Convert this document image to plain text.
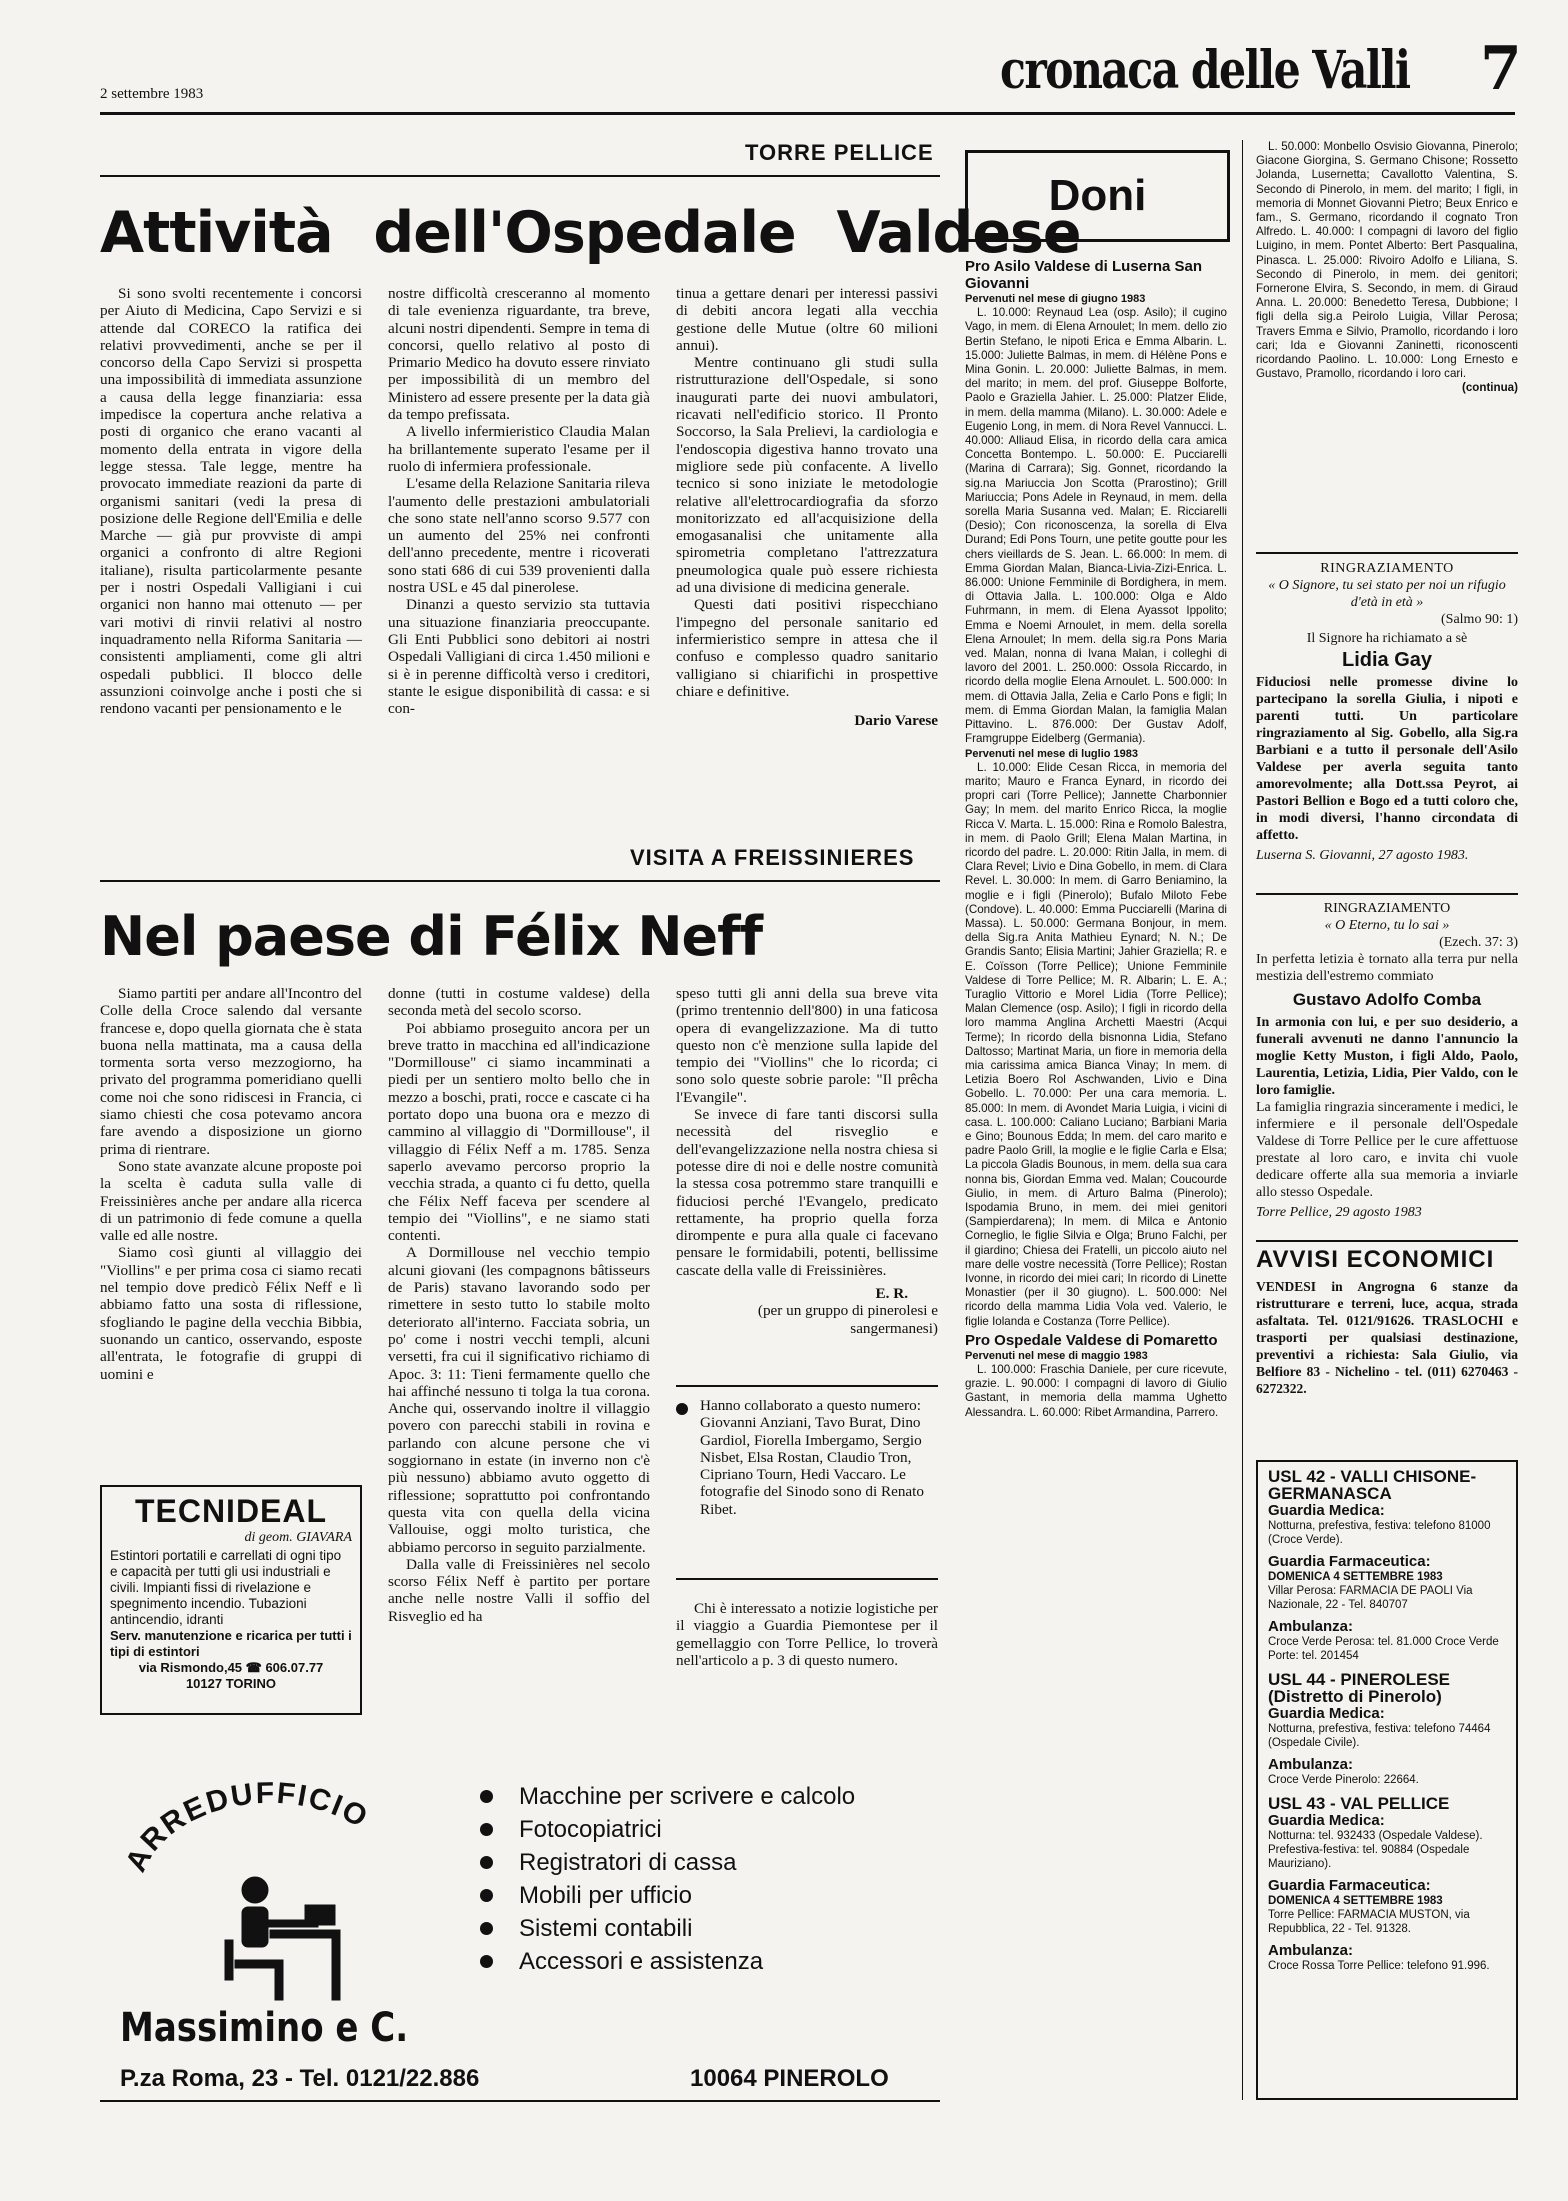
2 settembre 1983	cronaca delle Valli 7
TORRE PELLICE
Attività dell'Ospedale Valdese

Si sono svolti recentemente i concorsi per Aiuto di Medicina, Capo Servizi e si attende dal CORECO la ratifica dei relativi provvedimenti, anche se per il concorso della Capo Servizi si prospetta una impossibilità di immediata assunzione a causa della legge finanziaria: essa impedisce la copertura anche relativa a posti di organico che erano vacanti al momento della entrata in vigore della legge stessa. Tale legge, mentre ha provocato immediate reazioni da parte di organismi sanitari (vedi la presa di posizione delle Regione dell'Emilia e delle Marche — già pur provviste di ampi organici a confronto di altre Regioni italiane), risulta particolarmente pesante per i nostri Ospedali Valligiani i cui organici non hanno mai ottenuto — per vari motivi di rinvii relativi al nostro inquadramento nella Riforma Sanitaria — consistenti ampliamenti, come gli altri ospedali pubblici. Il blocco delle assunzioni coinvolge anche i posti che si rendono vacanti per pensionamento e le

nostre difficoltà cresceranno al momento di tale evenienza riguardante, tra breve, alcuni nostri dipendenti. Sempre in tema di concorsi, quello relativo al posto di Primario Medico ha dovuto essere rinviato per impossibilità di un membro del Ministero ad essere presente per la data già da tempo prefissata.

A livello infermieristico Claudia Malan ha brillantemente superato l'esame per il ruolo di infermiera professionale.

L'esame della Relazione Sanitaria rileva l'aumento delle prestazioni ambulatoriali che sono state nell'anno scorso 9.577 con un aumento del 25% nei confronti dell'anno precedente, mentre i ricoverati sono stati 686 di cui 539 provenienti dalla nostra USL e 45 dal pinerolese.

Dinanzi a questo servizio sta tuttavia una situazione finanziaria preoccupante. Gli Enti Pubblici sono debitori ai nostri Ospedali Valligiani di circa 1.450 milioni e si è in perenne difficoltà verso i creditori, stante le esigue disponibilità di cassa: e si con-

tinua a gettare denari per interessi passivi di debiti ancora legati alla vecchia gestione delle Mutue (oltre 60 milioni annui).

Mentre continuano gli studi sulla ristrutturazione dell'Ospedale, si sono inaugurati parte dei nuovi ambulatori, ricavati nell'edificio storico. Il Pronto Soccorso, la Sala Prelievi, la cardiologia e l'endoscopia digestiva hanno trovato una migliore sede più confacente. A livello tecnico si sono iniziate le metodologie relative all'elettrocardiografia da sforzo monitorizzato ed all'acquisizione della emogasanalisi che unitamente alla spirometria completano l'attrezzatura pneumologica quale può essere richiesta ad una divisione di medicina generale.

Questi dati positivi rispecchiano l'impegno del personale sanitario ed infermieristico sempre in attesa che il confuso e complesso quadro sanitario valligiano si chiarifichi in prospettive chiare e definitive.

Dario Varese

VISITA A FREISSINIERES
Nel paese di Félix Neff

Siamo partiti per andare all'Incontro del Colle della Croce salendo dal versante francese e, dopo quella giornata che è stata buona nella mattinata, ma a causa della tormenta sorta verso mezzogiorno, ha privato del programma pomeridiano quelli come noi che sono ridiscesi in Francia, ci siamo chiesti che cosa potevamo ancora fare avendo a disposizione un giorno prima di rientrare.

Sono state avanzate alcune proposte poi la scelta è caduta sulla valle di Freissinières anche per andare alla ricerca di un patrimonio di fede comune a quella valle ed alle nostre.

Siamo così giunti al villaggio dei "Viollins" e per prima cosa ci siamo recati nel tempio dove predicò Félix Neff e lì abbiamo fatto una sosta di riflessione, sfogliando le pagine della vecchia Bibbia, suonando un cantico, osservando, esposte all'entrata, le fotografie di gruppi di uomini e

donne (tutti in costume valdese) della seconda metà del secolo scorso.

Poi abbiamo proseguito ancora per un breve tratto in macchina ed all'indicazione "Dormillouse" ci siamo incamminati a piedi per un sentiero molto bello che in mezzo a boschi, prati, rocce e cascate ci ha portato dopo una buona ora e mezzo di cammino al villaggio di "Dormillouse", il villaggio di Félix Neff a m. 1785. Senza saperlo avevamo percorso proprio la vecchia strada, a quanto ci fu detto, quella che Félix Neff faceva per scendere al tempio dei "Viollins", e ne siamo stati contenti.

A Dormillouse nel vecchio tempio alcuni giovani (les compagnons bâtisseurs de Paris) stavano lavorando sodo per rimettere in sesto tutto lo stabile molto deteriorato all'interno. Facciata sobria, un po' come i nostri vecchi templi, alcuni versetti, fra cui il significativo richiamo di Apoc. 3: 11: Tieni fermamente quello che hai affinché nessuno ti tolga la tua corona. Anche qui, osservando inoltre il villaggio povero con parecchi stabili in rovina e parlando con alcune persone che vi soggiornano in estate (in inverno non c'è più nessuno) abbiamo avuto oggetto di riflessione; soprattutto poi confrontando questa vita con quella della vicina Vallouise, oggi molto turistica, che abbiamo percorso in seguito parzialmente.

Dalla valle di Freissinières nel secolo scorso Félix Neff è partito per portare anche nelle nostre Valli il soffio del Risveglio ed ha

speso tutti gli anni della sua breve vita (primo trentennio dell'800) in una faticosa opera di evangelizzazione. Ma di tutto questo non c'è menzione sulla lapide del tempio dei "Viollins" che lo ricorda; ci sono solo queste sobrie parole: "Il prêcha l'Evangile".

Se invece di fare tanti discorsi sulla necessità del risveglio e dell'evangelizzazione nella nostra chiesa si potesse dire di noi e delle nostre comunità la stessa cosa potremmo stare tranquilli e fiduciosi perché l'Evangelo, predicato rettamente, ha proprio quella forza dirompente e pura alla quale ci facevano pensare le formidabili, potenti, bellissime cascate della valle di Freissinières.

E. R.

(per un gruppo di pinerolesi e sangermanesi)

Hanno collaborato a questo numero: Giovanni Anziani, Tavo Burat, Dino Gardiol, Fiorella Imbergamo, Sergio Nisbet, Elsa Rostan, Claudio Tron, Cipriano Tourn, Hedi Vaccaro. Le fotografie del Sinodo sono di Renato Ribet.

Chi è interessato a notizie logistiche per il viaggio a Guardia Piemontese per il gemellaggio con Torre Pellice, lo troverà nell'articolo a p. 3 di questo numero.

TECNIDEAL
di geom. GIAVARA
Estintori portatili e carrellati di ogni tipo e capacità per tutti gli usi industriali e civili. Impianti fissi di rivelazione e spegnimento incendio. Tubazioni antincendio, idranti
Serv. manutenzione e ricarica per tutti i tipi di estintori
via Rismondo,45 ☎ 606.07.77
10127 TORINO
ARREDUFFICIO
Massimino e C.
P.za Roma, 23 - Tel. 0121/22.886	10064 PINEROLO
Macchine per scrivere e calcolo
Fotocopiatrici
Registratori di cassa
Mobili per ufficio
Sistemi contabili
Accessori e assistenza
Doni
Pro Asilo Valdese di Luserna San Giovanni
Pervenuti nel mese di giugno 1983

L. 10.000: Reynaud Lea (osp. Asilo); il cugino Vago, in mem. di Elena Arnoulet; In mem. dello zio Bertin Stefano, le nipoti Erica e Emma Albarin. L. 15.000: Juliette Balmas, in mem. di Hélène Pons e Mina Gonin. L. 20.000: Juliette Balmas, in mem. del marito; in mem. del prof. Giuseppe Bolforte, Paolo e Graziella Jahier. L. 25.000: Platzer Elide, in mem. della mamma (Milano). L. 30.000: Adele e Eugenio Long, in mem. di Nora Revel Vannucci. L. 40.000: Alliaud Elisa, in ricordo della cara amica Concetta Bontempo. L. 50.000: E. Pucciarelli (Marina di Carrara); Sig. Gonnet, ricordando la sig.na Mariuccia Jon Scotta (Prarostino); Grill Mariuccia; Pons Adele in Reynaud, in mem. della sorella Maria Susanna ved. Malan; E. Ricciarelli (Desio); Con riconoscenza, la sorella di Elva Durand; Edi Pons Tourn, une petite goutte pour les chers vieillards de S. Jean. L. 66.000: In mem. di Emma Giordan Malan, Bianca-Livia-Zizi-Enrica. L. 86.000: Unione Femminile di Bordighera, in mem. di Ottavia Jalla. L. 100.000: Olga e Aldo Fuhrmann, in mem. di Elena Ayassot Ippolito; Emma e Noemi Arnoulet, in mem. della sorella Elena Arnoulet; In mem. della sig.ra Pons Maria ved. Malan, nonna di Ivana Malan, i colleghi di lavoro del 2001. L. 250.000: Ossola Riccardo, in ricordo della moglie Elena Arnoulet. L. 500.000: In mem. di Ottavia Jalla, Zelia e Carlo Pons e figli; In mem. di Emma Giordan Malan, la famiglia Malan Pittavino. L. 876.000: Der Gustav Adolf, Framgruppe Eidelberg (Germania).

Pervenuti nel mese di luglio 1983

L. 10.000: Elide Cesan Ricca, in memoria del marito; Mauro e Franca Eynard, in ricordo dei propri cari (Torre Pellice); Jannette Charbonnier Gay; In mem. del marito Enrico Ricca, la moglie Ricca V. Marta. L. 15.000: Rina e Romolo Balestra, in mem. di Paolo Grill; Elena Malan Martina, in ricordo del padre. L. 20.000: Ritin Jalla, in mem. di Clara Revel; Livio e Dina Gobello, in mem. di Clara Revel. L. 30.000: In mem. di Garro Beniamino, la moglie e i figli (Pinerolo); Bufalo Miloto Febe (Condove). L. 40.000: Emma Pucciarelli (Marina di Massa). L. 50.000: Germana Bonjour, in mem. della Sig.ra Anita Mathieu Eynard; N. N.; De Grandis Santo; Elisia Martini; Jahier Graziella; R. e E. Coïsson (Torre Pellice); Unione Femminile Valdese di Torre Pellice; M. R. Albarin; L. E. A.; Turaglio Vittorio e Morel Lidia (Torre Pellice); Malan Clemence (osp. Asilo); I figli in ricordo della loro mamma Anglina Archetti Maestri (Acqui Terme); In ricordo della bisnonna Lidia, Stefano Daltosso; Martinat Maria, un fiore in memoria della mia carissima amica Bianca Vinay; In mem. di Letizia Boero Rol Aschwanden, Livio e Dina Gobello. L. 70.000: Per una cara memoria. L. 85.000: In mem. di Avondet Maria Luigia, i vicini di casa. L. 100.000: Caliano Luciano; Barbiani Maria e Gino; Bounous Edda; In mem. del caro marito e padre Paolo Grill, la moglie e le figlie Carla e Elsa; La piccola Gladis Bounous, in mem. della sua cara nonna bis, Giordan Emma ved. Malan; Coucourde Giulio, in mem. di Arturo Balma (Pinerolo); Ispodamia Bruno, in mem. dei miei genitori (Sampierdarena); In mem. di Milca e Antonio Corneglio, le figlie Silvia e Olga; Bruno Falchi, per il giardino; Chiesa dei Fratelli, un piccolo aiuto nel mare delle vostre necessità (Torre Pellice); Rostan Ivonne, in ricordo dei miei cari; In ricordo di Linette Monastier (per il 30 giugno). L. 500.000: Nel ricordo della mamma Lidia Vola ved. Valerio, le figlie Iolanda e Costanza (Torre Pellice).

Pro Ospedale Valdese di Pomaretto
Pervenuti nel mese di maggio 1983

L. 100.000: Fraschia Daniele, per cure ricevute, grazie. L. 90.000: I compagni di lavoro di Giulio Gastant, in memoria della mamma Ughetto Alessandra. L. 60.000: Ribet Armandina, Parrero.

L. 50.000: Monbello Osvisio Giovanna, Pinerolo; Giacone Giorgina, S. Germano Chisone; Rossetto Jolanda, Lusernetta; Cavallotto Valentina, S. Secondo di Pinerolo, in mem. del marito; I figli, in memoria di Monnet Giovanni Pietro; Beux Enrico e fam., S. Germano, ricordando il cognato Tron Alfredo. L. 40.000: I compagni di lavoro del figlio Luigino, in mem. Pontet Alberto: Bert Pasqualina, Pinasca. L. 25.000: Rivoiro Adolfo e Liliana, S. Secondo di Pinerolo, in mem. dei genitori; Fornerone Elvira, S. Secondo, in mem. di Giraud Anna. L. 20.000: Benedetto Teresa, Dubbione; I figli della sig.a Peirolo Luigia, Villar Perosa; Travers Emma e Silvio, Pramollo, ricordando i loro cari; Ida e Giovanni Zaninetti, riconoscenti ricordando Paolino. L. 10.000: Long Ernesto e Gustavo, Pramollo, ricordando i loro cari.

(continua)
RINGRAZIAMENTO
« O Signore, tu sei stato per noi un rifugio d'età in età »
(Salmo 90: 1)
Il Signore ha richiamato a sè
Lidia Gay
Fiduciosi nelle promesse divine lo partecipano la sorella Giulia, i nipoti e parenti tutti. Un particolare ringraziamento al Sig. Gobello, alla Sig.ra Barbiani e a tutto il personale dell'Asilo Valdese per averla seguita tanto amorevolmente; alla Dott.ssa Peyrot, ai Pastori Bellion e Bogo ed a tutti coloro che, in modi diversi, l'hanno circondata di affetto.
Luserna S. Giovanni, 27 agosto 1983.
RINGRAZIAMENTO
« O Eterno, tu lo sai »
(Ezech. 37: 3)
In perfetta letizia è tornato alla terra pur nella mestizia dell'estremo commiato
Gustavo Adolfo Comba
In armonia con lui, e per suo desiderio, a funerali avvenuti ne danno l'annuncio la moglie Ketty Muston, i figli Aldo, Paolo, Laurentia, Letizia, Lidia, Pier Valdo, con le loro famiglie.
La famiglia ringrazia sinceramente i medici, le infermiere e il personale dell'Ospedale Valdese di Torre Pellice per le cure affettuose prestate al loro caro, e invita chi vuole dedicare offerte alla sua memoria a inviarle allo stesso Ospedale.
Torre Pellice, 29 agosto 1983
AVVISI ECONOMICI
VENDESI in Angrogna 6 stanze da ristrutturare e terreni, luce, acqua, strada asfaltata. Tel. 0121/91626. TRASLOCHI e trasporti per qualsiasi destinazione, preventivi a richiesta: Sala Giulio, via Belfiore 83 - Nichelino - tel. (011) 6270463 - 6272322.
USL 42 - VALLI CHISONE-GERMANASCA
Guardia Medica:
Notturna, prefestiva, festiva: telefono 81000 (Croce Verde).
Guardia Farmaceutica:
DOMENICA 4 SETTEMBRE 1983
Villar Perosa: FARMACIA DE PAOLI Via Nazionale, 22 - Tel. 840707
Ambulanza:
Croce Verde Perosa: tel. 81.000 Croce Verde Porte: tel. 201454
USL 44 - PINEROLESE (Distretto di Pinerolo)
Guardia Medica:
Notturna, prefestiva, festiva: telefono 74464 (Ospedale Civile).
Ambulanza:
Croce Verde Pinerolo: 22664.
USL 43 - VAL PELLICE
Guardia Medica:
Notturna: tel. 932433 (Ospedale Valdese). Prefestiva-festiva: tel. 90884 (Ospedale Mauriziano).
Guardia Farmaceutica:
DOMENICA 4 SETTEMBRE 1983
Torre Pellice: FARMACIA MUSTON, via Repubblica, 22 - Tel. 91328.
Ambulanza:
Croce Rossa Torre Pellice: telefono 91.996.
